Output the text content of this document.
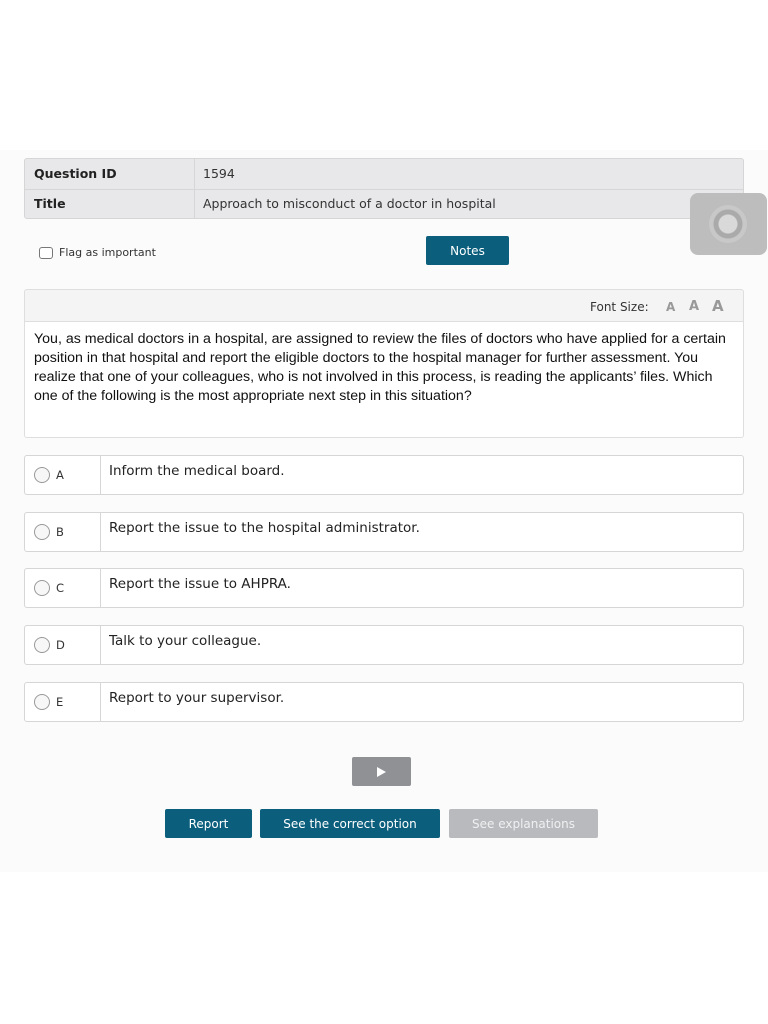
Question ID	1594
Title	Approach to misconduct of a doctor in hospital
Flag as important	Notes
Font Size: A A A
You, as medical doctors in a hospital, are assigned to review the files of doctors who have applied for a certain position in that hospital and report the eligible doctors to the hospital manager for further assessment. You realize that one of your colleagues, who is not involved in this process, is reading the applicants’ files. Which one of the following is the most appropriate next step in this situation?
A	Inform the medical board.
B	Report the issue to the hospital administrator.
C	Report the issue to AHPRA.
D	Talk to your colleague.
E	Report to your supervisor.
Report	See the correct option	See explanations
